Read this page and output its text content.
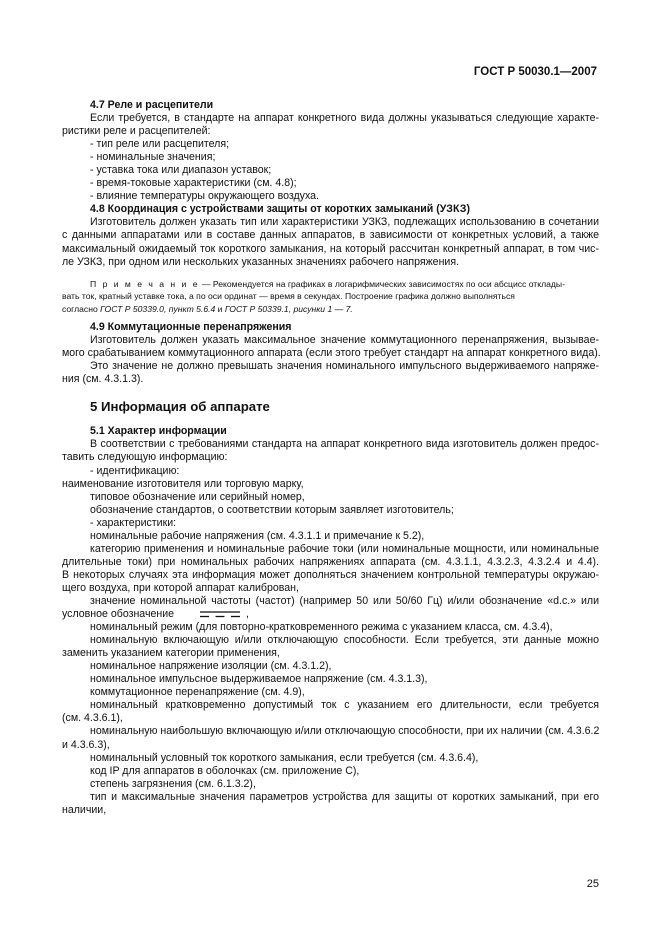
ГОСТ Р 50030.1—2007
4.7 Реле и расцепители
Если требуется, в стандарте на аппарат конкретного вида должны указываться следующие характе-
ристики реле и расцепителей:
- тип реле или расцепителя;
- номинальные значения;
- уставка тока или диапазон уставок;
- время-токовые характеристики (см. 4.8);
- влияние температуры окружающего воздуха.
4.8 Координация с устройствами защиты от коротких замыканий (УЗКЗ)
Изготовитель должен указать тип или характеристики УЗКЗ, подлежащих использованию в сочетании
с данными аппаратами или в составе данных аппаратов, в зависимости от конкретных условий, а также
максимальный ожидаемый ток короткого замыкания, на который рассчитан конкретный аппарат, в том чис-
ле УЗКЗ, при одном или нескольких указанных значениях рабочего напряжения.
П р и м е ч а н и е — Рекомендуется на графиках в логарифмических зависимостях по оси абсцисс отклады-
вать ток, кратный уставке тока, а по оси ординат — время в секундах. Построение графика должно выполняться
согласно ГОСТ Р 50339.0, пункт 5.6.4 и ГОСТ Р 50339.1, рисунки 1 — 7.
4.9 Коммутационные перенапряжения
Изготовитель должен указать максимальное значение коммутационного перенапряжения, вызывае-
мого срабатыванием коммутационного аппарата (если этого требует стандарт на аппарат конкретного вида).
Это значение не должно превышать значения номинального импульсного выдерживаемого напряже-
ния (см. 4.3.1.3).
5 Информация об аппарате
5.1 Характер информации
В соответствии с требованиями стандарта на аппарат конкретного вида изготовитель должен предос-
тавить следующую информацию:
- идентификацию:
наименование изготовителя или торговую марку,
типовое обозначение или серийный номер,
обозначение стандартов, о соответствии которым заявляет изготовитель;
- характеристики:
номинальные рабочие напряжения (см. 4.3.1.1 и примечание к 5.2),
категорию применения и номинальные рабочие токи (или номинальные мощности, или номинальные
длительные токи) при номинальных рабочих напряжениях аппарата (см. 4.3.1.1, 4.3.2.3, 4.3.2.4 и 4.4).
В некоторых случаях эта информация может дополняться значением контрольной температуры окружаю-
щего воздуха, при которой аппарат калиброван,
значение номинальной частоты (частот) (например 50 или 50/60 Гц) и/или обозначение «d.c.» или
условное обозначение	,
номинальный режим (для повторно-кратковременного режима с указанием класса, см. 4.3.4),
номинальную включающую и/или отключающую способности. Если требуется, эти данные можно
заменить указанием категории применения,
номинальное напряжение изоляции (см. 4.3.1.2),
номинальное импульсное выдерживаемое напряжение (см. 4.3.1.3),
коммутационное перенапряжение (см. 4.9),
номинальный кратковременно допустимый ток с указанием его длительности, если требуется
(см. 4.3.6.1),
номинальную наибольшую включающую и/или отключающую способности, при их наличии (см. 4.3.6.2
и 4.3.6.3),
номинальный условный ток короткого замыкания, если требуется (см. 4.3.6.4),
код IP для аппаратов в оболочках (см. приложение С),
степень загрязнения (см. 6.1.3.2),
тип и максимальные значения параметров устройства для защиты от коротких замыканий, при его
наличии,
25
